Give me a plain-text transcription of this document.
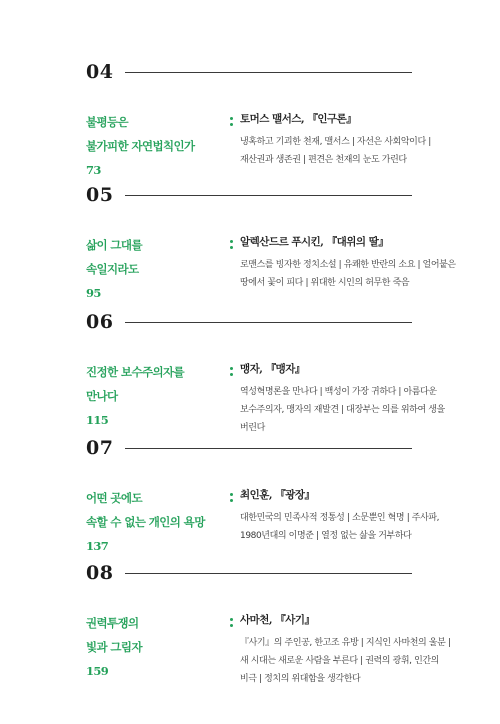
04
불평등은
불가피한 자연법칙인가
73
토머스 맬서스, 『인구론』
냉혹하고 기괴한 천재, 맬서스 | 자선은 사회악이다 | 재산권과 생존권 | 편견은 천재의 눈도 가린다
05
삶이 그대를
속일지라도
95
알렉산드르 푸시킨, 『대위의 딸』
로맨스를 빙자한 정치소설 | 유쾌한 반란의 소요 | 얼어붙은 땅에서 꽃이 피다 | 위대한 시인의 허무한 죽음
06
진정한 보수주의자를
만나다
115
맹자, 『맹자』
역성혁명론을 만나다 | 백성이 가장 귀하다 | 아름다운 보수주의자, 맹자의 재발견 | 대장부는 의를 위하여 생을 버린다
07
어떤 곳에도
속할 수 없는 개인의 욕망
137
최인훈, 『광장』
대한민국의 민족사적 정통성 | 소문뿐인 혁명 | 주사파, 1980년대의 이명준 | 열정 없는 삶을 거부하다
08
권력투쟁의
빛과 그림자
159
사마천, 『사기』
『사기』의 주인공, 한고조 유방 | 지식인 사마천의 울분 | 새 시대는 새로운 사람을 부른다 | 권력의 광휘, 인간의 비극 | 정치의 위대함을 생각한다
